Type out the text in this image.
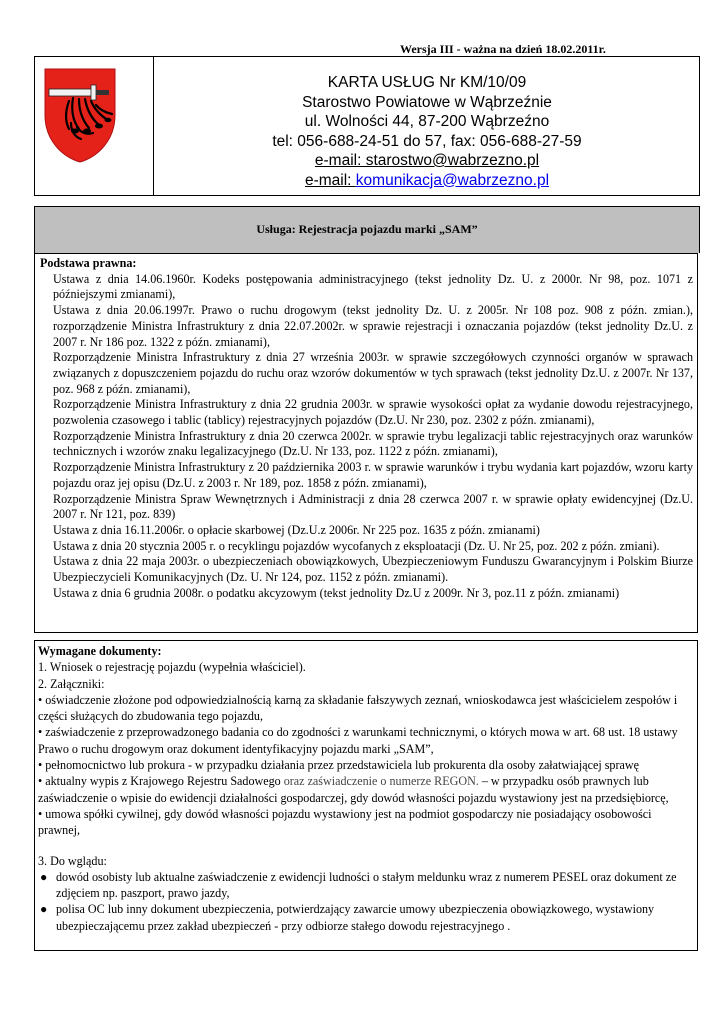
Wersja III - ważna na dzień 18.02.2011r.
KARTA USŁUG Nr KM/10/09
Starostwo Powiatowe w Wąbrzeźnie
ul. Wolności 44, 87-200 Wąbrzeźno
tel: 056-688-24-51 do 57, fax: 056-688-27-59
e-mail: starostwo@wabrzezno.pl
e-mail: komunikacja@wabrzezno.pl
Usługa: Rejestracja pojazdu marki „SAM”
Podstawa prawna:
Ustawa z dnia 14.06.1960r. Kodeks postępowania administracyjnego (tekst jednolity Dz. U. z 2000r. Nr 98, poz. 1071 z późniejszymi zmianami),
Ustawa z dnia 20.06.1997r. Prawo o ruchu drogowym (tekst jednolity Dz. U. z 2005r. Nr 108 poz. 908 z późn. zmian.), rozporządzenie Ministra Infrastruktury z dnia 22.07.2002r. w sprawie rejestracji i oznaczania pojazdów (tekst jednolity Dz.U. z 2007 r. Nr 186 poz. 1322 z późn. zmianami),
Rozporządzenie Ministra Infrastruktury z dnia 27 września 2003r. w sprawie szczegółowych czynności organów w sprawach związanych z dopuszczeniem pojazdu do ruchu oraz wzorów dokumentów w tych sprawach (tekst jednolity Dz.U. z 2007r. Nr 137, poz. 968 z późn. zmianami),
Rozporządzenie Ministra Infrastruktury z dnia 22 grudnia 2003r. w sprawie wysokości opłat za wydanie dowodu rejestracyjnego, pozwolenia czasowego i tablic (tablicy) rejestracyjnych pojazdów (Dz.U. Nr 230, poz. 2302 z późn. zmianami),
Rozporządzenie Ministra Infrastruktury z dnia 20 czerwca 2002r. w sprawie trybu legalizacji tablic rejestracyjnych oraz warunków technicznych i wzorów znaku legalizacyjnego (Dz.U. Nr 133, poz. 1122 z późn. zmianami),
Rozporządzenie Ministra Infrastruktury z 20 października 2003 r. w sprawie warunków i trybu wydania kart pojazdów, wzoru karty pojazdu oraz jej opisu (Dz.U. z 2003 r. Nr 189, poz. 1858 z późn. zmianami),
Rozporządzenie Ministra Spraw Wewnętrznych i Administracji z dnia 28 czerwca 2007 r. w sprawie opłaty ewidencyjnej (Dz.U. 2007 r. Nr 121, poz. 839)
Ustawa z dnia 16.11.2006r. o opłacie skarbowej (Dz.U.z 2006r. Nr 225 poz. 1635 z późn. zmianami)
Ustawa z dnia 20 stycznia 2005 r. o recyklingu pojazdów wycofanych z eksploatacji (Dz. U. Nr 25, poz. 202 z późn. zmiani).
Ustawa z dnia 22 maja 2003r. o ubezpieczeniach obowiązkowych, Ubezpieczeniowym Funduszu Gwarancyjnym i Polskim Biurze Ubezpieczycieli Komunikacyjnych (Dz. U. Nr 124, poz. 1152 z późn. zmianami).
Ustawa z dnia 6 grudnia 2008r. o podatku akcyzowym (tekst jednolity Dz.U z 2009r. Nr 3, poz.11 z późn. zmianami)
Wymagane dokumenty:

1. Wniosek o rejestrację pojazdu (wypełnia właściciel).

2. Załączniki:

• oświadczenie złożone pod odpowiedzialnością karną za składanie fałszywych zeznań, wnioskodawca jest właścicielem zespołów i części służących do zbudowania tego pojazdu,

• zaświadczenie z przeprowadzonego badania co do zgodności z warunkami technicznymi, o których mowa w art. 68 ust. 18 ustawy Prawo o ruchu drogowym oraz dokument identyfikacyjny pojazdu marki „SAM”,

• pełnomocnictwo lub prokura - w przypadku działania przez przedstawiciela lub prokurenta dla osoby załatwiającej sprawę

• aktualny wypis z Krajowego Rejestru Sadowego oraz zaświadczenie o numerze REGON. – w przypadku osób prawnych lub zaświadczenie o wpisie do ewidencji działalności gospodarczej, gdy dowód własności pojazdu wystawiony jest na przedsiębiorcę,

• umowa spółki cywilnej, gdy dowód własności pojazdu wystawiony jest na podmiot gospodarczy nie posiadający osobowości prawnej,

3. Do wglądu:

● dowód osobisty lub aktualne zaświadczenie z ewidencji ludności o stałym meldunku wraz z numerem PESEL oraz dokument ze zdjęciem np. paszport, prawo jazdy,
● polisa OC lub inny dokument ubezpieczenia, potwierdzający zawarcie umowy ubezpieczenia obowiązkowego, wystawiony ubezpieczającemu przez zakład ubezpieczeń - przy odbiorze stałego dowodu rejestracyjnego .
